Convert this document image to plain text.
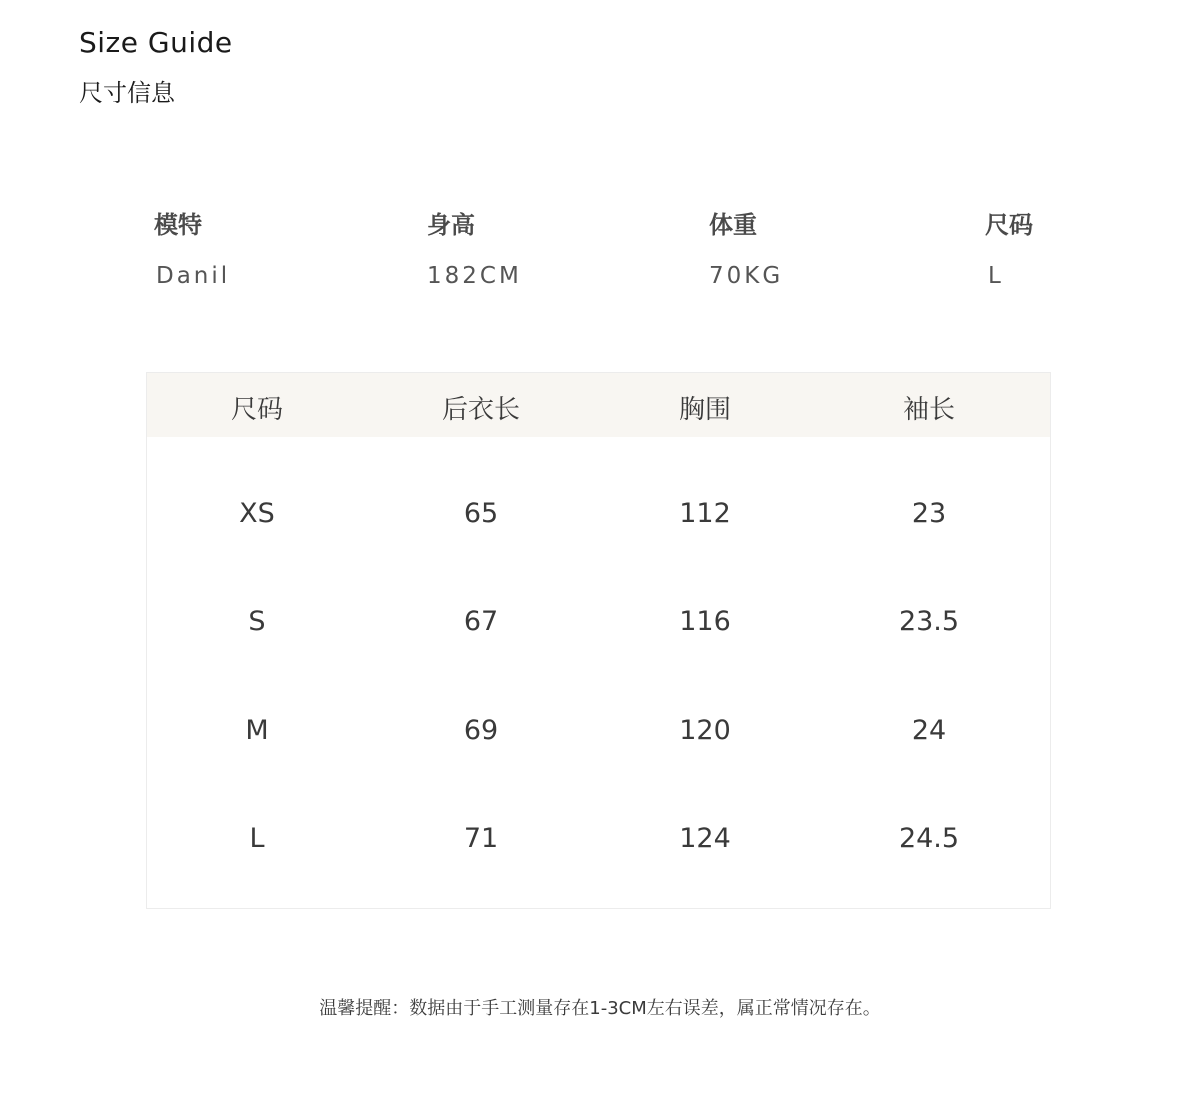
Size Guide
尺寸信息
模特	身高	体重	尺码
Danil	182CM	70KG	L
尺码	后衣长	胸围	袖长
XS	65	112	23
S	67	116	23.5
M	69	120	24
L	71	124	24.5
温馨提醒：数据由于手工测量存在1-3CM左右误差，属正常情况存在。
